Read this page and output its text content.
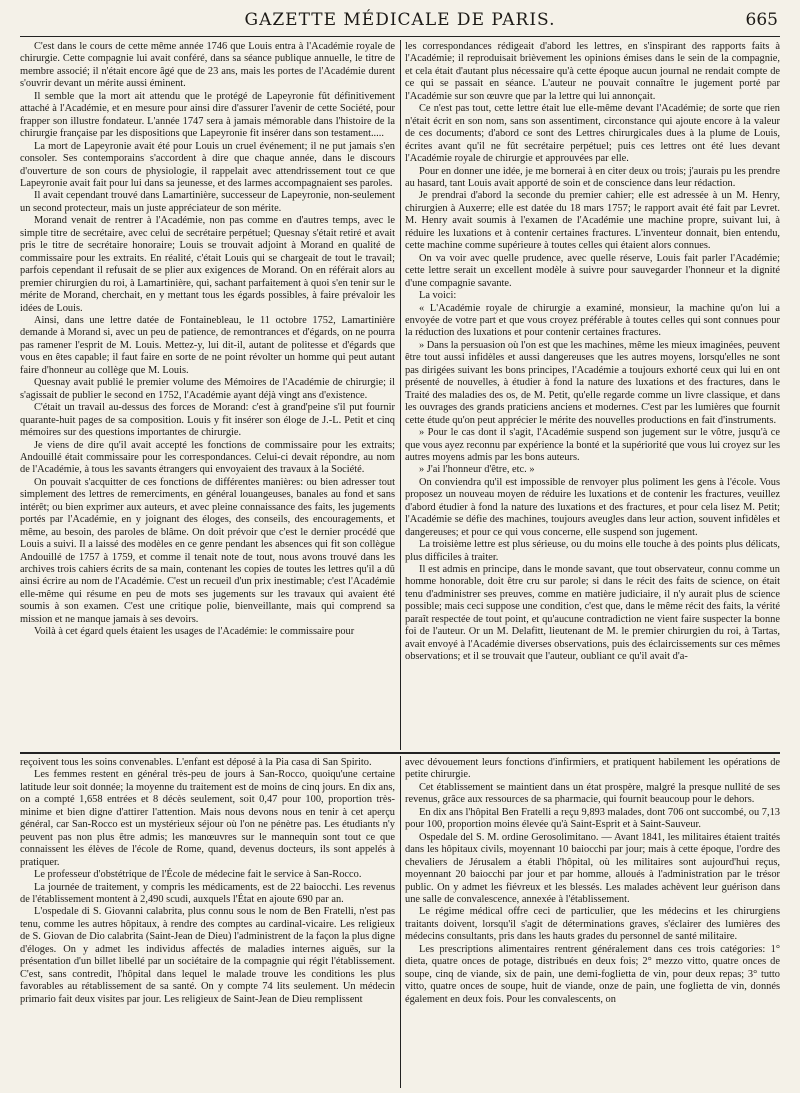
GAZETTE MÉDICALE DE PARIS.	665

C'est dans le cours de cette même année 1746 que Louis entra à l'Académie royale de chirurgie. Cette compagnie lui avait conféré, dans sa séance publique annuelle, le titre de membre associé; il n'était encore âgé que de 23 ans, mais les portes de l'Académie durent s'ouvrir devant un mérite aussi éminent.

Il semble que la mort ait attendu que le protégé de Lapeyronie fût définitivement attaché à l'Académie, et en mesure pour ainsi dire d'assurer l'avenir de cette Société, pour frapper son illustre fondateur. L'année 1747 sera à jamais mémorable dans l'histoire de la chirurgie française par les dispositions que Lapeyronie fit insérer dans son testament.....

La mort de Lapeyronie avait été pour Louis un cruel événement; il ne put jamais s'en consoler. Ses contemporains s'accordent à dire que chaque année, dans le discours d'ouverture de son cours de physiologie, il rappelait avec attendrissement tout ce que Lapeyronie avait fait pour lui dans sa jeunesse, et des larmes accompagnaient ses paroles.

Il avait cependant trouvé dans Lamartinière, successeur de Lapeyronie, non-seulement un second protecteur, mais un juste appréciateur de son mérite.

Morand venait de rentrer à l'Académie, non pas comme en d'autres temps, avec le simple titre de secrétaire, avec celui de secrétaire perpétuel; Quesnay s'était retiré et avait pris le titre de secrétaire honoraire; Louis se trouvait adjoint à Morand en qualité de commissaire pour les extraits. En réalité, c'était Louis qui se chargeait de tout le travail; parfois cependant il refusait de se plier aux exigences de Morand. On en référait alors au premier chirurgien du roi, à Lamartinière, qui, sachant parfaitement à quoi s'en tenir sur le mérite de Morand, cherchait, en y mettant tous les égards possibles, à faire prévaloir les idées de Louis.

Ainsi, dans une lettre datée de Fontainebleau, le 11 octobre 1752, Lamartinière demande à Morand si, avec un peu de patience, de remontrances et d'égards, on ne pourra pas ramener l'esprit de M. Louis. Mettez-y, lui dit-il, autant de politesse et d'égards que vous en êtes capable; il faut faire en sorte de ne point révolter un homme qui peut autant faire d'honneur au collège que M. Louis.

Quesnay avait publié le premier volume des Mémoires de l'Académie de chirurgie; il s'agissait de publier le second en 1752, l'Académie ayant déjà vingt ans d'existence.

C'était un travail au-dessus des forces de Morand: c'est à grand'peine s'il put fournir quarante-huit pages de sa composition. Louis y fit insérer son éloge de J.-L. Petit et cinq mémoires sur des questions importantes de chirurgie.

Je viens de dire qu'il avait accepté les fonctions de commissaire pour les extraits; Andouillé était commissaire pour les correspondances. Celui-ci devait répondre, au nom de l'Académie, à tous les savants étrangers qui envoyaient des travaux à la Société.

On pouvait s'acquitter de ces fonctions de différentes manières: ou bien adresser tout simplement des lettres de remerciments, en général louangeuses, banales au fond et sans intérêt; ou bien exprimer aux auteurs, et avec pleine connaissance des faits, les jugements portés par l'Académie, en y joignant des éloges, des conseils, des encouragements, et même, au besoin, des paroles de blâme. On doit prévoir que c'est le dernier procédé que Louis a suivi. Il a laissé des modèles en ce genre pendant les absences qui fit son collègue Andouillé de 1757 à 1759, et comme il tenait note de tout, nous avons trouvé dans les archives trois cahiers écrits de sa main, contenant les copies de toutes les lettres qu'il a dû ainsi écrire au nom de l'Académie. C'est un recueil d'un prix inestimable; c'est l'Académie elle-même qui résume en peu de mots ses jugements sur les travaux qui avaient été soumis à son examen. C'est une critique polie, bienveillante, mais qui comprend sa mission et ne manque jamais à ses devoirs.

Voilà à cet égard quels étaient les usages de l'Académie: le commissaire pour

les correspondances rédigeait d'abord les lettres, en s'inspirant des rapports faits à l'Académie; il reproduisait brièvement les opinions émises dans le sein de la compagnie, et cela était d'autant plus nécessaire qu'à cette époque aucun journal ne rendait compte de ce qui se passait en séance. L'auteur ne pouvait connaître le jugement porté par l'Académie sur son œuvre que par la lettre qui lui annonçait.

Ce n'est pas tout, cette lettre était lue elle-même devant l'Académie; de sorte que rien n'était écrit en son nom, sans son assentiment, circonstance qui ajoute encore à la valeur de ces documents; d'abord ce sont des Lettres chirurgicales dues à la plume de Louis, écrites avant qu'il ne fût secrétaire perpétuel; puis ces lettres ont été lues devant l'Académie royale de chirurgie et approuvées par elle.

Pour en donner une idée, je me bornerai à en citer deux ou trois; j'aurais pu les prendre au hasard, tant Louis avait apporté de soin et de conscience dans leur rédaction.

Je prendrai d'abord la seconde du premier cahier; elle est adressée à un M. Henry, chirurgien à Auxerre; elle est datée du 18 mars 1757; le rapport avait été fait par Levret. M. Henry avait soumis à l'examen de l'Académie une machine propre, suivant lui, à réduire les luxations et à contenir certaines fractures. L'inventeur donnait, bien entendu, cette machine comme supérieure à toutes celles qui étaient alors connues.

On va voir avec quelle prudence, avec quelle réserve, Louis fait parler l'Académie; cette lettre serait un excellent modèle à suivre pour sauvegarder l'honneur et la dignité d'une compagnie savante.

La voici:

« L'Académie royale de chirurgie a examiné, monsieur, la machine qu'on lui a envoyée de votre part et que vous croyez préférable à toutes celles qui sont connues pour la réduction des luxations et pour contenir certaines fractures.

» Dans la persuasion où l'on est que les machines, même les mieux imaginées, peuvent être tout aussi infidèles et aussi dangereuses que les autres moyens, lorsqu'elles ne sont pas dirigées suivant les bons principes, l'Académie a toujours exhorté ceux qui lui en ont présenté de nouvelles, à étudier à fond la nature des luxations et des fractures, dans le Traité des maladies des os, de M. Petit, qu'elle regarde comme un livre classique, et dans les ouvrages des grands praticiens anciens et modernes. C'est par les lumières que fournit cette étude qu'on peut apprécier le mérite des nouvelles productions en fait d'instruments.

» Pour le cas dont il s'agit, l'Académie suspend son jugement sur le vôtre, jusqu'à ce que vous ayez reconnu par expérience la bonté et la supériorité que vous lui croyez sur les autres moyens admis par les bons auteurs.

» J'ai l'honneur d'être, etc. »

On conviendra qu'il est impossible de renvoyer plus poliment les gens à l'école. Vous proposez un nouveau moyen de réduire les luxations et de contenir les fractures, veuillez d'abord étudier à fond la nature des luxations et des fractures, et pour cela lisez M. Petit; l'Académie se défie des machines, toujours aveugles dans leur action, souvent infidèles et dangereuses; et pour ce qui vous concerne, elle suspend son jugement.

La troisième lettre est plus sérieuse, ou du moins elle touche à des points plus délicats, plus difficiles à traiter.

Il est admis en principe, dans le monde savant, que tout observateur, connu comme un homme honorable, doit être cru sur parole; si dans le récit des faits de science, on était tenu d'administrer ses preuves, comme en matière judiciaire, il n'y aurait plus de science possible; mais ceci suppose une condition, c'est que, dans le même récit des faits, la vérité paraît respectée de tout point, et qu'aucune contradiction ne vient faire suspecter la bonne foi de l'auteur. Or un M. Delafitt, lieutenant de M. le premier chirurgien du roi, à Tartas, avait envoyé à l'Académie diverses observations, puis des éclaircissements sur ces mêmes observations; et il se trouvait que l'auteur, oubliant ce qu'il avait d'a-

reçoivent tous les soins convenables. L'enfant est déposé à la Pia casa di San Spirito.

Les femmes restent en général très-peu de jours à San-Rocco, quoiqu'une certaine latitude leur soit donnée; la moyenne du traitement est de moins de cinq jours. En dix ans, on a compté 1,658 entrées et 8 décès seulement, soit 0,47 pour 100, proportion très-minime et bien digne d'attirer l'attention. Mais nous devons nous en tenir à cet aperçu général, car San-Rocco est un mystérieux séjour où l'on ne pénètre pas. Les étudiants n'y peuvent pas non plus être admis; les manœuvres sur le mannequin sont tout ce que connaissent les élèves de l'école de Rome, quand, devenus docteurs, ils sont appelés à pratiquer.

Le professeur d'obstétrique de l'École de médecine fait le service à San-Rocco.

La journée de traitement, y compris les médicaments, est de 22 baiocchi. Les revenus de l'établissement montent à 2,490 scudi, auxquels l'État en ajoute 690 par an.

L'ospedale di S. Giovanni calabrita, plus connu sous le nom de Ben Fratelli, n'est pas tenu, comme les autres hôpitaux, à rendre des comptes au cardinal-vicaire. Les religieux de S. Giovan de Dio calabrita (Saint-Jean de Dieu) l'administrent de la façon la plus digne d'éloges. On y admet les individus affectés de maladies internes aiguës, sur la présentation d'un billet libellé par un sociétaire de la compagnie qui régit l'établissement. C'est, sans contredit, l'hôpital dans lequel le malade trouve les conditions les plus favorables au rétablissement de sa santé. On y compte 74 lits seulement. Un médecin primario fait deux visites par jour. Les religieux de Saint-Jean de Dieu remplissent

avec dévouement leurs fonctions d'infirmiers, et pratiquent habilement les opérations de petite chirurgie.

Cet établissement se maintient dans un état prospère, malgré la presque nullité de ses revenus, grâce aux ressources de sa pharmacie, qui fournit beaucoup pour le dehors.

En dix ans l'hôpital Ben Fratelli a reçu 9,893 malades, dont 706 ont succombé, ou 7,13 pour 100, proportion moins élevée qu'à Saint-Esprit et à Saint-Sauveur.

Ospedale del S. M. ordine Gerosolimitano. — Avant 1841, les militaires étaient traités dans les hôpitaux civils, moyennant 10 baiocchi par jour; mais à cette époque, l'ordre des chevaliers de Jérusalem a établi l'hôpital, où les militaires sont aujourd'hui reçus, moyennant 20 baiocchi par jour et par homme, alloués à l'administration par le trésor public. On y admet les fiévreux et les blessés. Les malades achèvent leur guérison dans une salle de convalescence, annexée à l'établissement.

Le régime médical offre ceci de particulier, que les médecins et les chirurgiens traitants doivent, lorsqu'il s'agit de déterminations graves, s'éclairer des lumières des médecins consultants, pris dans les hauts grades du personnel de santé militaire.

Les prescriptions alimentaires rentrent généralement dans ces trois catégories: 1° dieta, quatre onces de potage, distribués en deux fois; 2° mezzo vitto, quatre onces de soupe, cinq de viande, six de pain, une demi-foglietta de vin, pour deux repas; 3° tutto vitto, quatre onces de soupe, huit de viande, onze de pain, une foglietta de vin, donnés également en deux fois. Pour les convalescents, on
